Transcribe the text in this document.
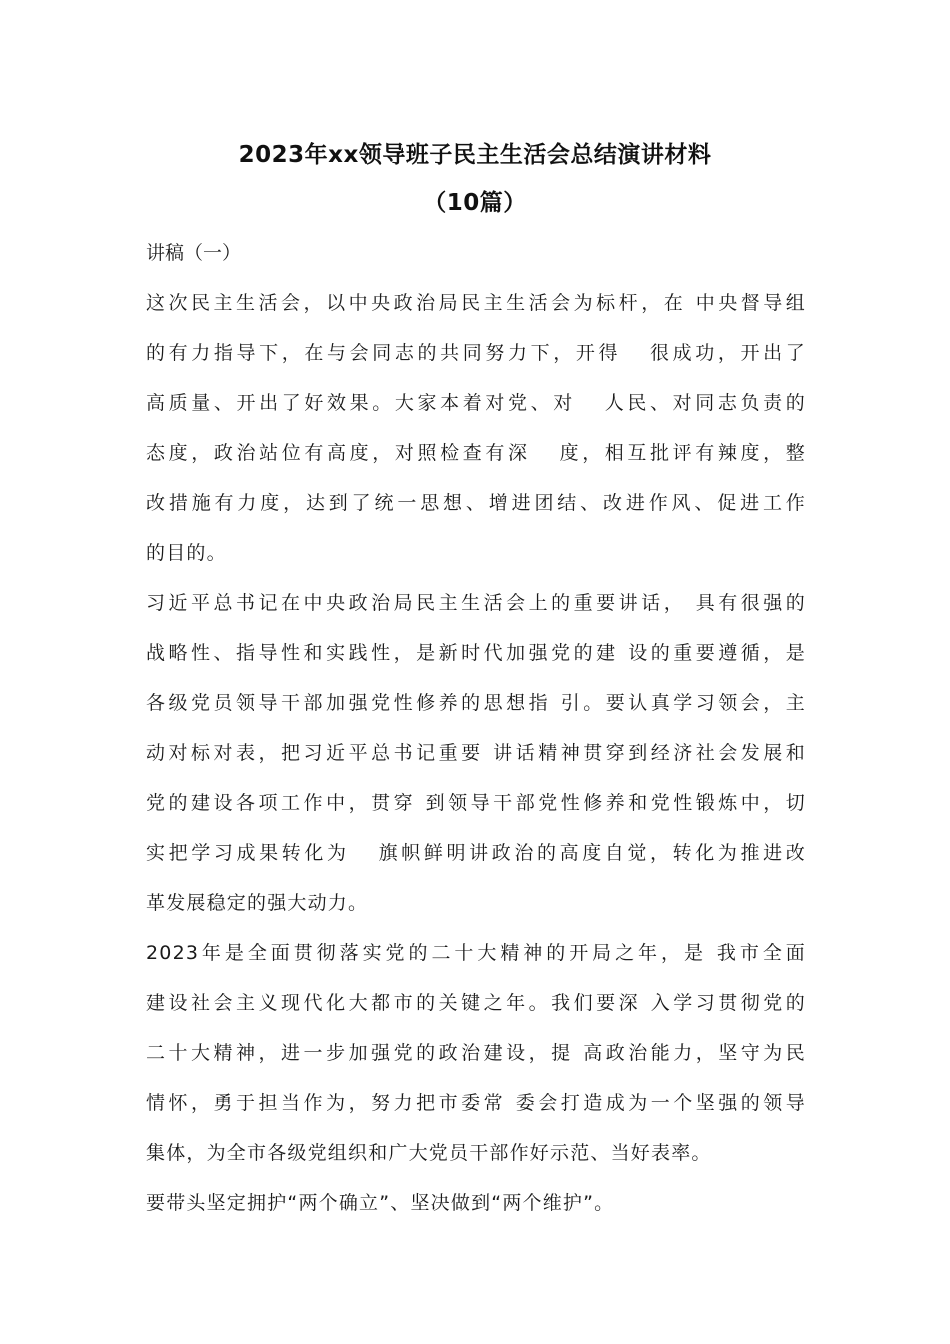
2023年xx领导班子民主生活会总结演讲材料
（10篇）
讲稿（一）
这次民主生活会，以中央政治局民主生活会为标杆，在 中央督导组
的有力指导下，在与会同志的共同努力下，开得   很成功，开出了
高质量、开出了好效果。大家本着对党、对   人民、对同志负责的
态度，政治站位有高度，对照检查有深   度，相互批评有辣度，整
改措施有力度，达到了统一思想、增进团结、改进作风、促进工作
的目的。
习近平总书记在中央政治局民主生活会上的重要讲话， 具有很强的
战略性、指导性和实践性，是新时代加强党的建 设的重要遵循，是
各级党员领导干部加强党性修养的思想指 引。要认真学习领会，主
动对标对表，把习近平总书记重要 讲话精神贯穿到经济社会发展和
党的建设各项工作中，贯穿 到领导干部党性修养和党性锻炼中，切
实把学习成果转化为   旗帜鲜明讲政治的高度自觉，转化为推进改
革发展稳定的强大动力。
2023年是全面贯彻落实党的二十大精神的开局之年，是 我市全面
建设社会主义现代化大都市的关键之年。我们要深 入学习贯彻党的
二十大精神，进一步加强党的政治建设，提 高政治能力，坚守为民
情怀，勇于担当作为，努力把市委常 委会打造成为一个坚强的领导
集体，为全市各级党组织和广大党员干部作好示范、当好表率。
要带头坚定拥护“两个确立”、坚决做到“两个维护”。
